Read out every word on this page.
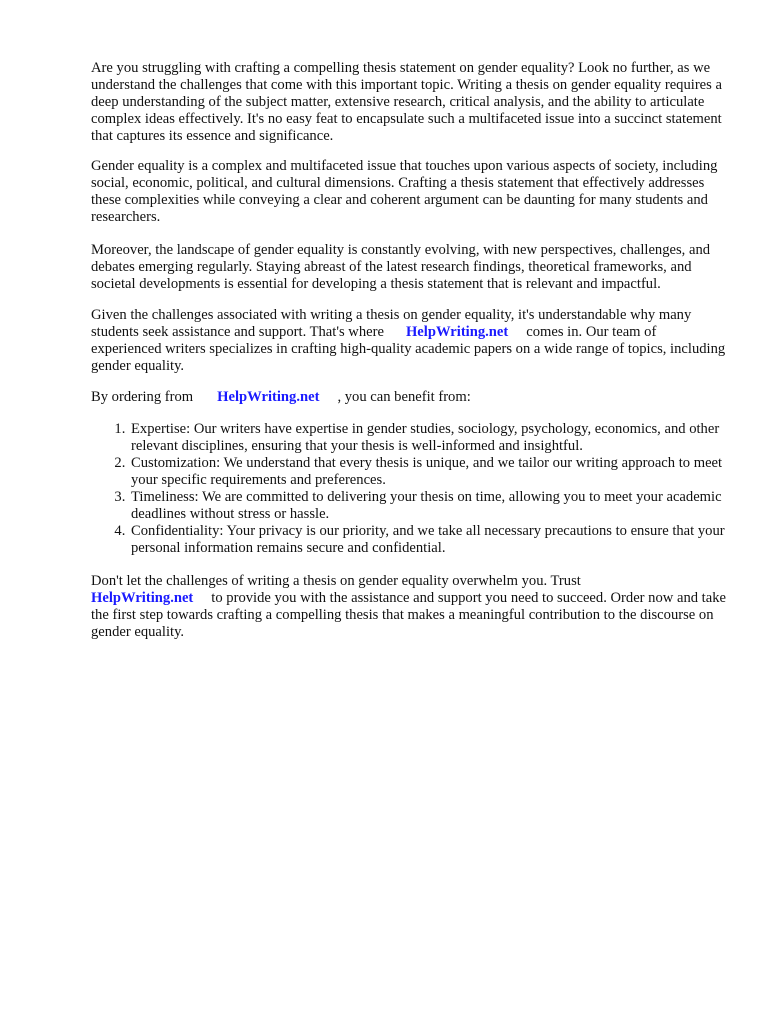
Are you struggling with crafting a compelling thesis statement on gender equality? Look no further, as we understand the challenges that come with this important topic. Writing a thesis on gender equality requires a deep understanding of the subject matter, extensive research, critical analysis, and the ability to articulate complex ideas effectively. It's no easy feat to encapsulate such a multifaceted issue into a succinct statement that captures its essence and significance.

Gender equality is a complex and multifaceted issue that touches upon various aspects of society, including social, economic, political, and cultural dimensions. Crafting a thesis statement that effectively addresses these complexities while conveying a clear and coherent argument can be daunting for many students and researchers.

Moreover, the landscape of gender equality is constantly evolving, with new perspectives, challenges, and debates emerging regularly. Staying abreast of the latest research findings, theoretical frameworks, and societal developments is essential for developing a thesis statement that is relevant and impactful.

Given the challenges associated with writing a thesis on gender equality, it's understandable why many students seek assistance and support. That's where HelpWriting.net comes in. Our team of experienced writers specializes in crafting high-quality academic papers on a wide range of topics, including gender equality.

By ordering from HelpWriting.net , you can benefit from:

1. Expertise: Our writers have expertise in gender studies, sociology, psychology, economics, and other relevant disciplines, ensuring that your thesis is well-informed and insightful.
2. Customization: We understand that every thesis is unique, and we tailor our writing approach to meet your specific requirements and preferences.
3. Timeliness: We are committed to delivering your thesis on time, allowing you to meet your academic deadlines without stress or hassle.
4. Confidentiality: Your privacy is our priority, and we take all necessary precautions to ensure that your personal information remains secure and confidential.

Don't let the challenges of writing a thesis on gender equality overwhelm you. Trust
HelpWriting.net to provide you with the assistance and support you need to succeed. Order now and take the first step towards crafting a compelling thesis that makes a meaningful contribution to the discourse on gender equality.
